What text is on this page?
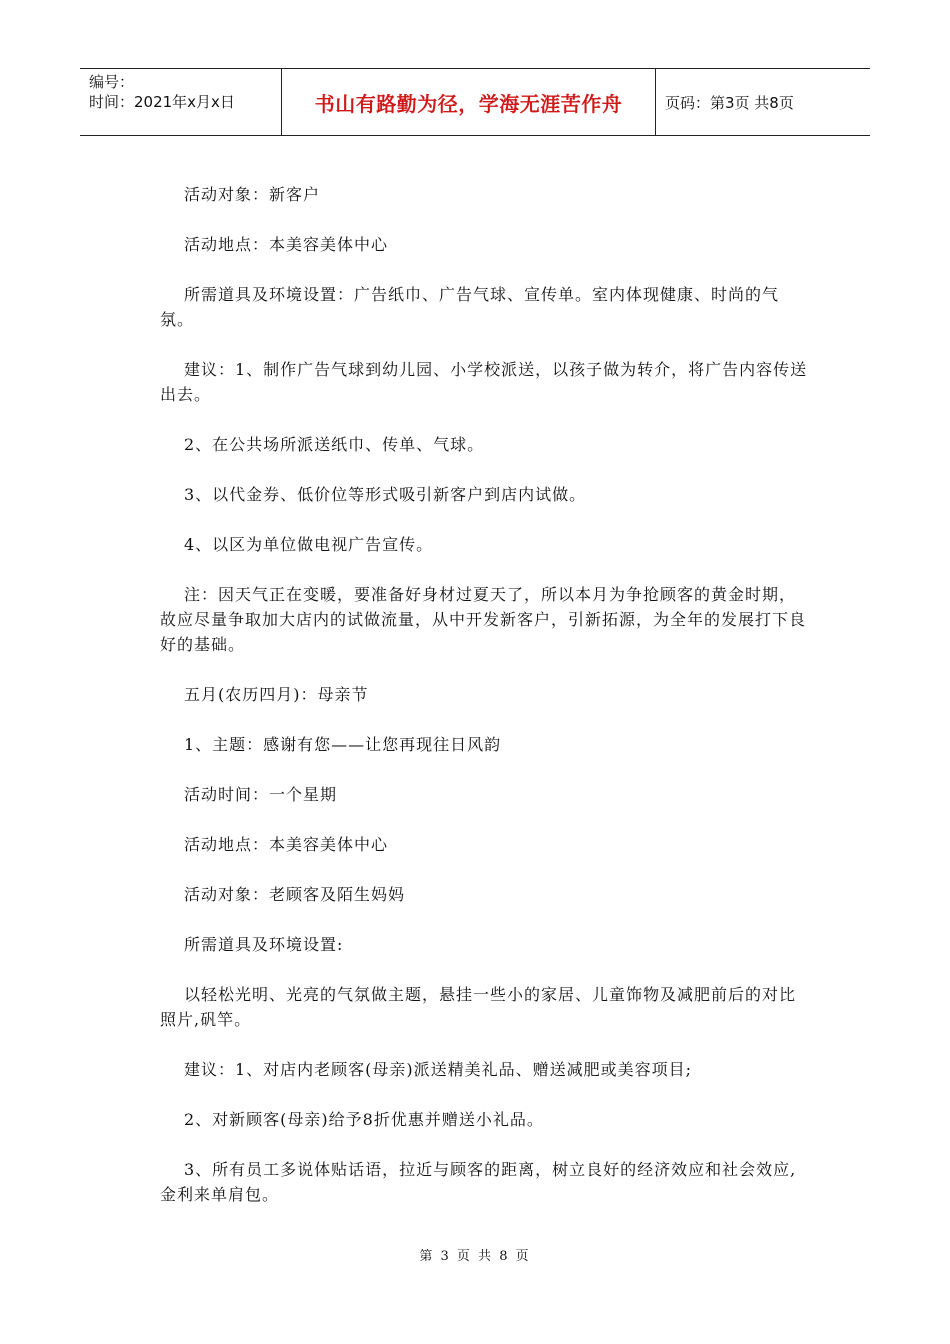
编号：
时间：2021年x月x日	书山有路勤为径，学海无涯苦作舟	页码：第3页 共8页

活动对象：新客户

活动地点：本美容美体中心

所需道具及环境设置：广告纸巾、广告气球、宣传单。室内体现健康、时尚的气氛。

建议：1、制作广告气球到幼儿园、小学校派送，以孩子做为转介，将广告内容传送出去。

2、在公共场所派送纸巾、传单、气球。

3、以代金券、低价位等形式吸引新客户到店内试做。

4、以区为单位做电视广告宣传。

注：因天气正在变暖，要准备好身材过夏天了，所以本月为争抢顾客的黄金时期，故应尽量争取加大店内的试做流量，从中开发新客户，引新拓源，为全年的发展打下良好的基础。

五月(农历四月)：母亲节

1、主题：感谢有您——让您再现往日风韵

活动时间：一个星期

活动地点：本美容美体中心

活动对象：老顾客及陌生妈妈

所需道具及环境设置:

以轻松光明、光亮的气氛做主题，悬挂一些小的家居、儿童饰物及减肥前后的对比照片,矾竿。

建议：1、对店内老顾客(母亲)派送精美礼品、赠送减肥或美容项目;

2、对新顾客(母亲)给予8折优惠并赠送小礼品。

3、所有员工多说体贴话语，拉近与顾客的距离，树立良好的经济效应和社会效应,金利来单肩包。

第 3 页 共 8 页
